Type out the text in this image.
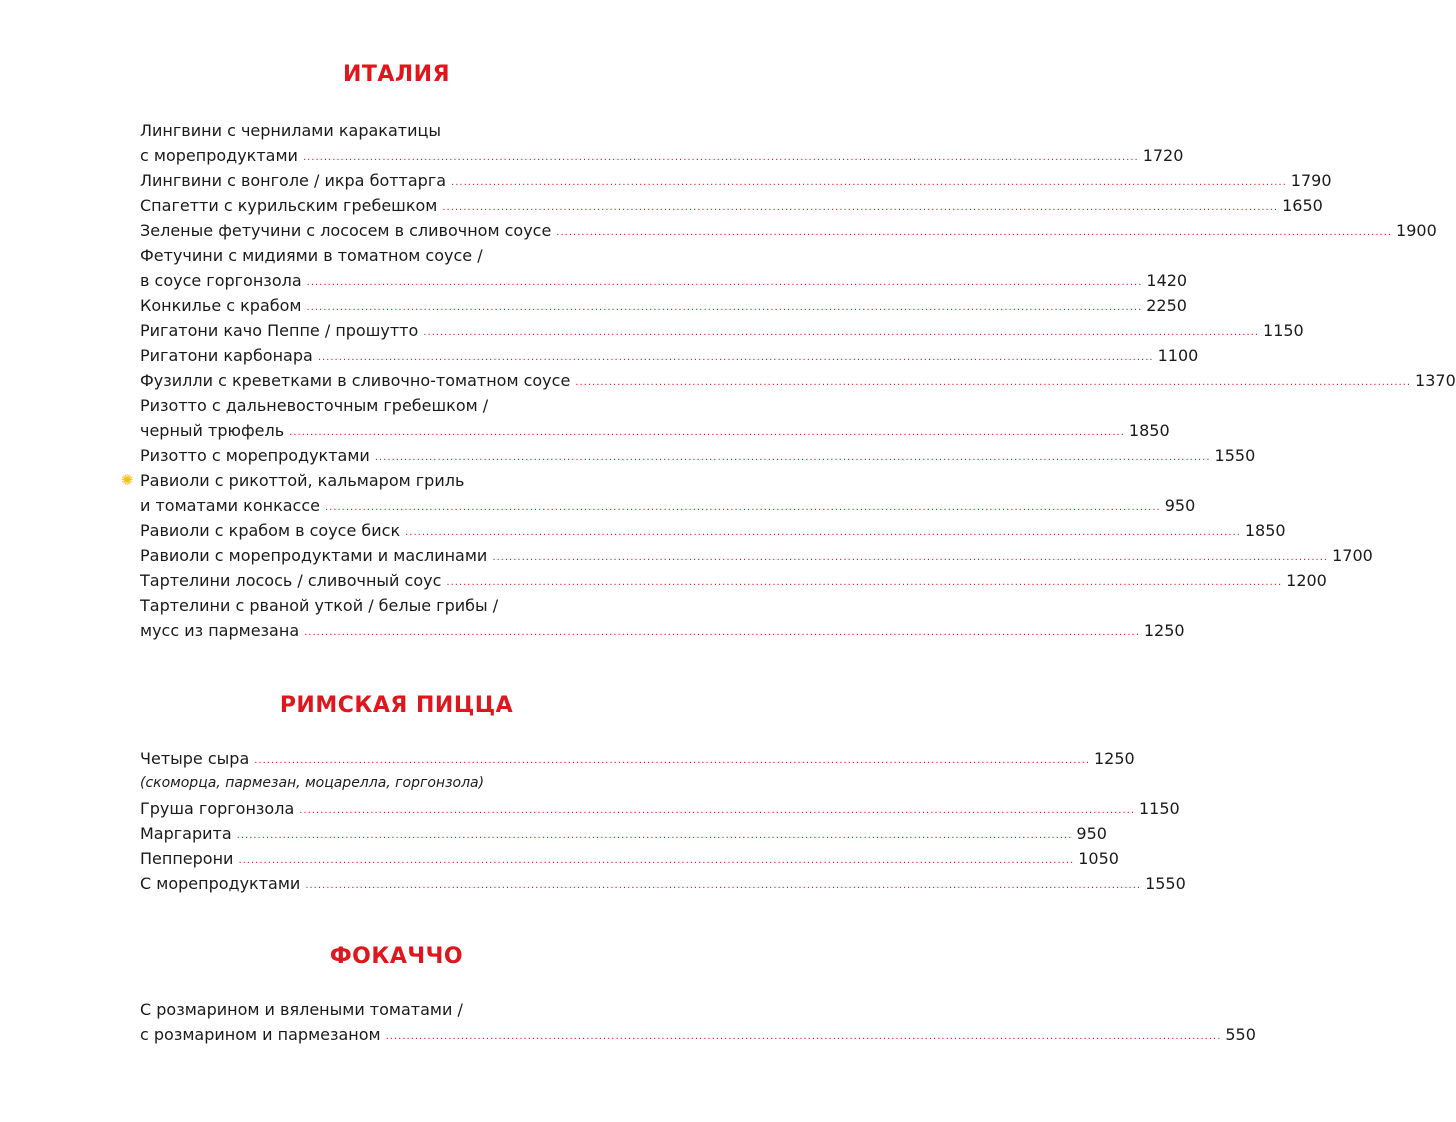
ИТАЛИЯ
Лингвини с чернилами каракатицы
с морепродуктами ........................................................................................................................................................................................................ 1720
Лингвини с вонголе / икра боттарга ........................................................................................................................................................................................................ 1790
Спагетти с курильским гребешком ........................................................................................................................................................................................................ 1650
Зеленые фетучини с лососем в сливочном соусе ........................................................................................................................................................................................................ 1900
Фетучини с мидиями в томатном соусе /
в соусе горгонзола ........................................................................................................................................................................................................ 1420
Конкилье с крабом ........................................................................................................................................................................................................ 2250
Ригатони качо Пеппе / прошутто ........................................................................................................................................................................................................ 1150
Ригатони карбонара ........................................................................................................................................................................................................ 1100
Фузилли с креветками в сливочно-томатном соусе ........................................................................................................................................................................................................ 1370
Ризотто с дальневосточным гребешком /
черный трюфель ........................................................................................................................................................................................................ 1850
Ризотто с морепродуктами ........................................................................................................................................................................................................ 1550
Равиоли с рикоттой, кальмаром гриль
✺
и томатами конкассе ........................................................................................................................................................................................................ 950
Равиоли с крабом в соусе биск ........................................................................................................................................................................................................ 1850
Равиоли с морепродуктами и маслинами ........................................................................................................................................................................................................ 1700
Тартелини лосось / сливочный соус ........................................................................................................................................................................................................ 1200
Тартелини с рваной уткой / белые грибы /
мусс из пармезана ........................................................................................................................................................................................................ 1250
РИМСКАЯ ПИЦЦА
Четыре сыра ........................................................................................................................................................................................................ 1250
(скоморца, пармезан, моцарелла, горгонзола)
Груша горгонзола ........................................................................................................................................................................................................ 1150
Маргарита ........................................................................................................................................................................................................ 950
Пепперони ........................................................................................................................................................................................................ 1050
С морепродуктами ........................................................................................................................................................................................................ 1550
ФОКАЧЧО
С розмарином и вялеными томатами /
с розмарином и пармезаном ........................................................................................................................................................................................................ 550
